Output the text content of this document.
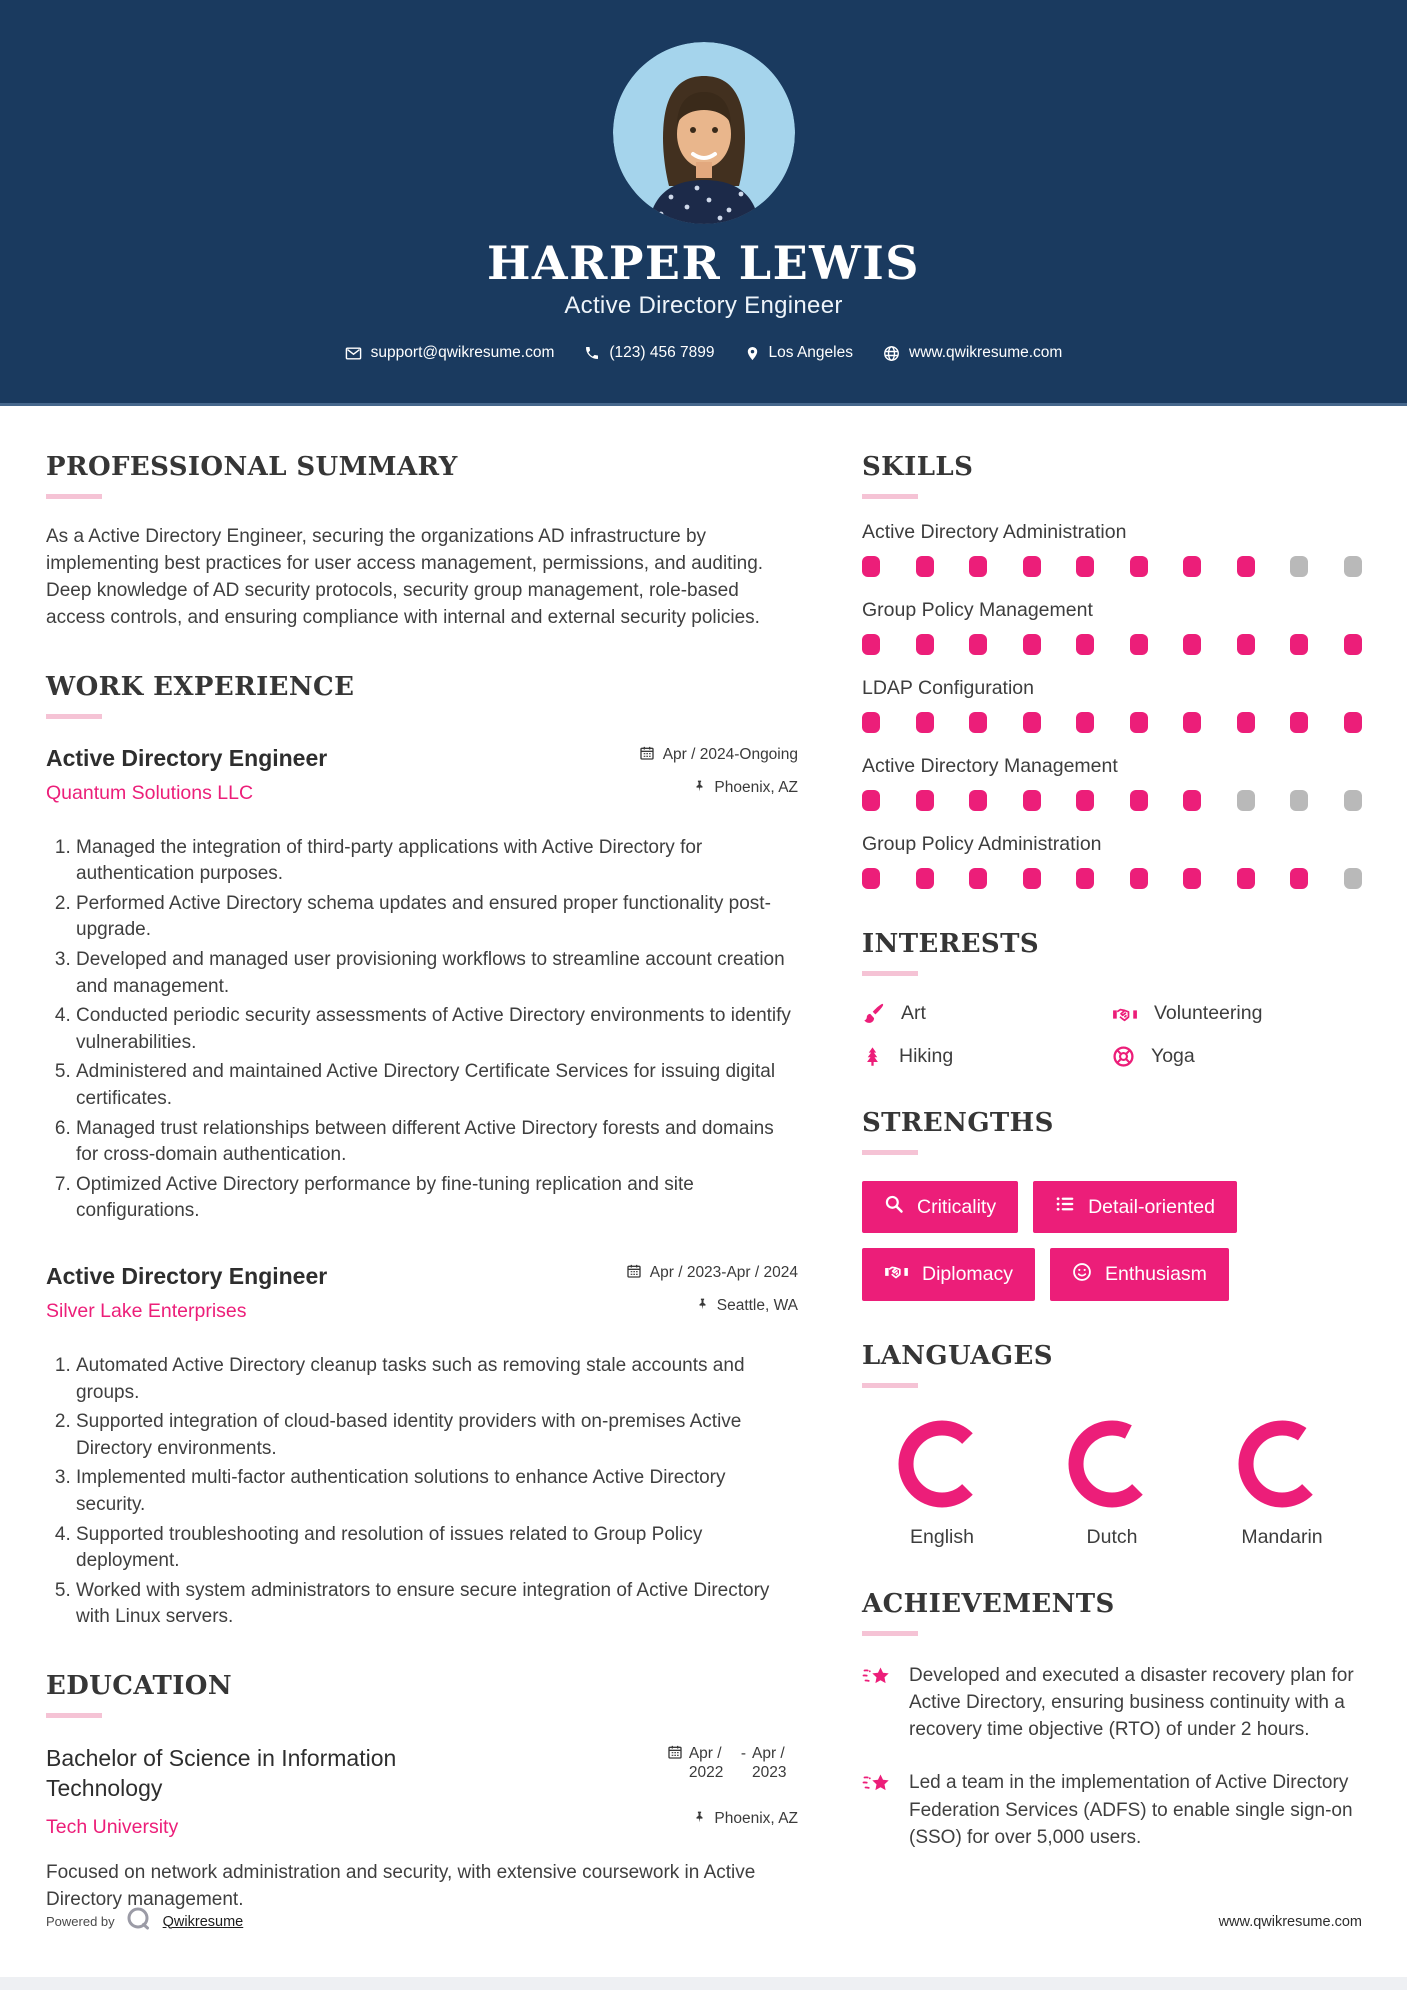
HARPER LEWIS
Active Directory Engineer
support@qwikresume.com	(123) 456 7899	Los Angeles	www.qwikresume.com
PROFESSIONAL SUMMARY

As a Active Directory Engineer, securing the organizations AD infrastructure by implementing best practices for user access management, permissions, and auditing. Deep knowledge of AD security protocols, security group management, role-based access controls, and ensuring compliance with internal and external security policies.

WORK EXPERIENCE
Active Directory Engineer
Quantum Solutions LLC
Apr / 2024-Ongoing
Phoenix, AZ
1. Managed the integration of third-party applications with Active Directory for authentication purposes.
2. Performed Active Directory schema updates and ensured proper functionality post-upgrade.
3. Developed and managed user provisioning workflows to streamline account creation and management.
4. Conducted periodic security assessments of Active Directory environments to identify vulnerabilities.
5. Administered and maintained Active Directory Certificate Services for issuing digital certificates.
6. Managed trust relationships between different Active Directory forests and domains for cross-domain authentication.
7. Optimized Active Directory performance by fine-tuning replication and site configurations.
Active Directory Engineer
Silver Lake Enterprises
Apr / 2023-Apr / 2024
Seattle, WA
1. Automated Active Directory cleanup tasks such as removing stale accounts and groups.
2. Supported integration of cloud-based identity providers with on-premises Active Directory environments.
3. Implemented multi-factor authentication solutions to enhance Active Directory security.
4. Supported troubleshooting and resolution of issues related to Group Policy deployment.
5. Worked with system administrators to ensure secure integration of Active Directory with Linux servers.
EDUCATION
Bachelor of Science in Information Technology
Tech University
Apr / 2022
- Apr / 2023
Phoenix, AZ

Focused on network administration and security, with extensive coursework in Active Directory management.

SKILLS
Active Directory Administration
Group Policy Management
LDAP Configuration
Active Directory Management
Group Policy Administration
INTERESTS
Art	Volunteering
Hiking	Yoga
STRENGTHS
Criticality	Detail-oriented
Diplomacy	Enthusiasm
LANGUAGES
English	Dutch	Mandarin
ACHIEVEMENTS
Developed and executed a disaster recovery plan for Active Directory, ensuring business continuity with a recovery time objective (RTO) of under 2 hours.
Led a team in the implementation of Active Directory Federation Services (ADFS) to enable single sign-on (SSO) for over 5,000 users.
Powered by	Qwikresume	www.qwikresume.com
